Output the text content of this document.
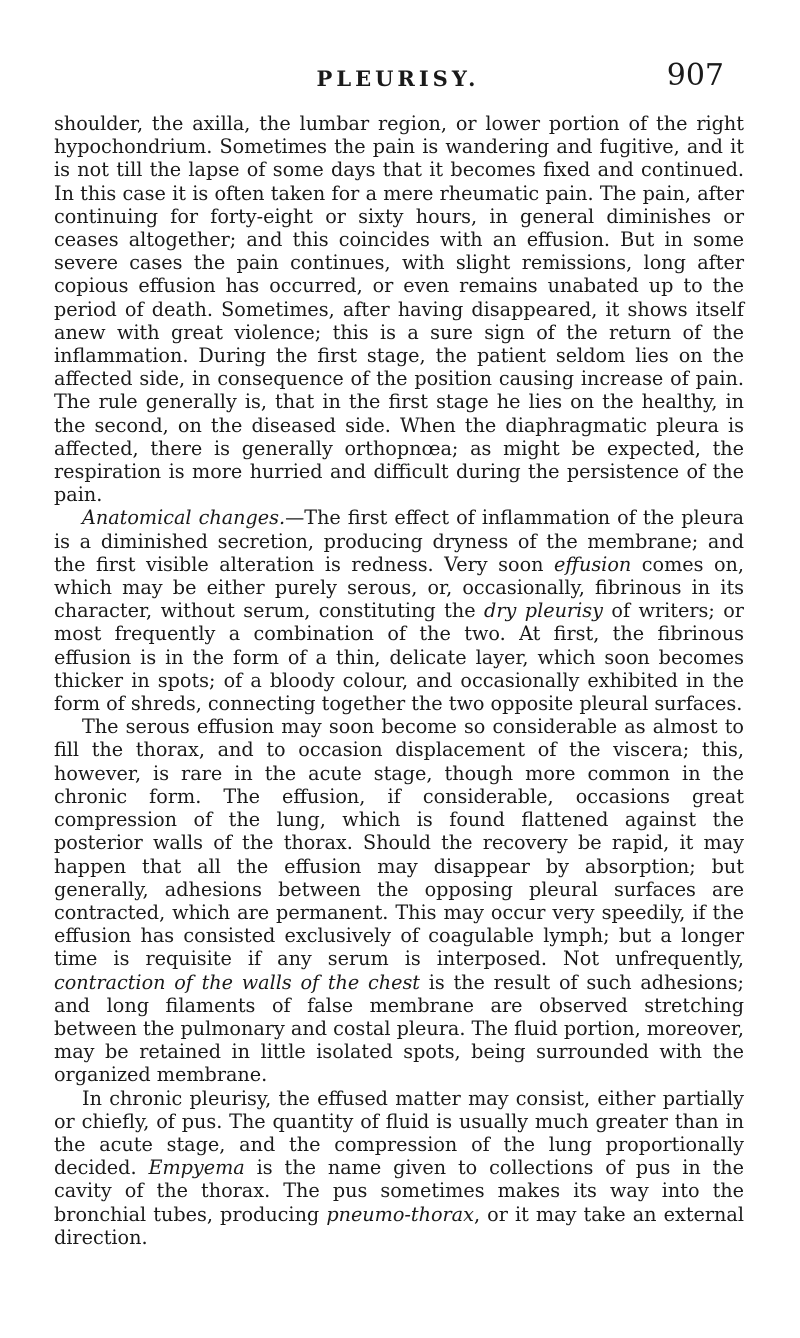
PLEURISY.	907

shoulder, the axilla, the lumbar region, or lower portion of the right hypochondrium. Sometimes the pain is wandering and fugitive, and it is not till the lapse of some days that it becomes fixed and continued. In this case it is often taken for a mere rheumatic pain. The pain, after continuing for forty-eight or sixty hours, in general diminishes or ceases altogether; and this coincides with an effusion. But in some severe cases the pain continues, with slight remissions, long after copious effusion has occurred, or even remains unabated up to the period of death. Sometimes, after having disappeared, it shows itself anew with great violence; this is a sure sign of the return of the inflammation. During the first stage, the patient seldom lies on the affected side, in consequence of the position causing increase of pain. The rule generally is, that in the first stage he lies on the healthy, in the second, on the diseased side. When the diaphragmatic pleura is affected, there is generally orthopnœa; as might be expected, the respiration is more hurried and difficult during the persistence of the pain.

Anatomical changes.—The first effect of inflammation of the pleura is a diminished secretion, producing dryness of the membrane; and the first visible alteration is redness. Very soon effusion comes on, which may be either purely serous, or, occasionally, fibrinous in its character, without serum, constituting the dry pleurisy of writers; or most frequently a combination of the two. At first, the fibrinous effusion is in the form of a thin, delicate layer, which soon becomes thicker in spots; of a bloody colour, and occasionally exhibited in the form of shreds, connecting together the two opposite pleural surfaces.

The serous effusion may soon become so considerable as almost to fill the thorax, and to occasion displacement of the viscera; this, however, is rare in the acute stage, though more common in the chronic form. The effusion, if considerable, occasions great compression of the lung, which is found flattened against the posterior walls of the thorax. Should the recovery be rapid, it may happen that all the effusion may disappear by absorption; but generally, adhesions between the opposing pleural surfaces are contracted, which are permanent. This may occur very speedily, if the effusion has consisted exclusively of coagulable lymph; but a longer time is requisite if any serum is interposed. Not unfrequently, contraction of the walls of the chest is the result of such adhesions; and long filaments of false membrane are observed stretching between the pulmonary and costal pleura. The fluid portion, moreover, may be retained in little isolated spots, being surrounded with the organized membrane.

In chronic pleurisy, the effused matter may consist, either partially or chiefly, of pus. The quantity of fluid is usually much greater than in the acute stage, and the compression of the lung proportionally decided. Empyema is the name given to collections of pus in the cavity of the thorax. The pus sometimes makes its way into the bronchial tubes, producing pneumo-thorax, or it may take an external direction.
